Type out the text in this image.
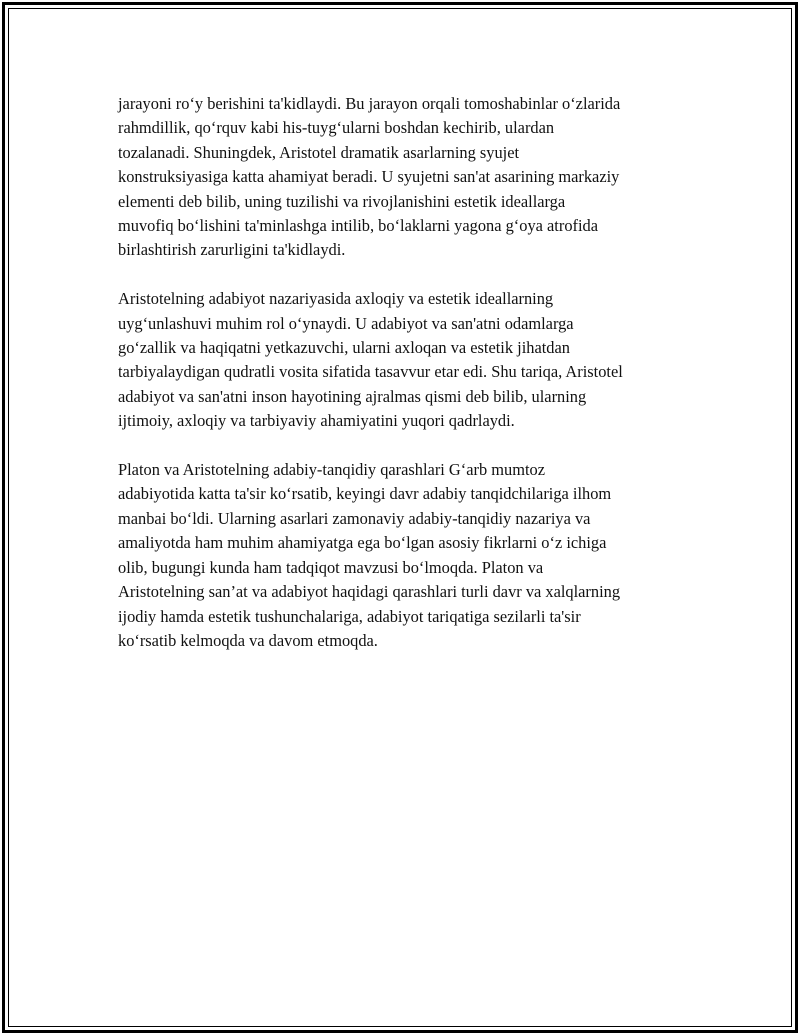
jarayoni ro‘y berishini ta'kidlaydi. Bu jarayon orqali tomoshabinlar o‘zlarida
rahmdillik, qo‘rquv kabi his-tuyg‘ularni boshdan kechirib, ulardan
tozalanadi. Shuningdek, Aristotel dramatik asarlarning syujet
konstruksiyasiga katta ahamiyat beradi. U syujetni san'at asarining markaziy
elementi deb bilib, uning tuzilishi va rivojlanishini estetik ideallarga
muvofiq bo‘lishini ta'minlashga intilib, bo‘laklarni yagona g‘oya atrofida
birlashtirish zarurligini ta'kidlaydi.

Aristotelning adabiyot nazariyasida axloqiy va estetik ideallarning
uyg‘unlashuvi muhim rol o‘ynaydi. U adabiyot va san'atni odamlarga
go‘zallik va haqiqatni yetkazuvchi, ularni axloqan va estetik jihatdan
tarbiyalaydigan qudratli vosita sifatida tasavvur etar edi. Shu tariqa, Aristotel
adabiyot va san'atni inson hayotining ajralmas qismi deb bilib, ularning
ijtimoiy, axloqiy va tarbiyaviy ahamiyatini yuqori qadrlaydi.

Platon va Aristotelning adabiy-tanqidiy qarashlari G‘arb mumtoz
adabiyotida katta ta'sir ko‘rsatib, keyingi davr adabiy tanqidchilariga ilhom
manbai bo‘ldi. Ularning asarlari zamonaviy adabiy-tanqidiy nazariya va
amaliyotda ham muhim ahamiyatga ega bo‘lgan asosiy fikrlarni o‘z ichiga
olib, bugungi kunda ham tadqiqot mavzusi bo‘lmoqda. Platon va
Aristotelning san’at va adabiyot haqidagi qarashlari turli davr va xalqlarning
ijodiy hamda estetik tushunchalariga, adabiyot tariqatiga sezilarli ta'sir
ko‘rsatib kelmoqda va davom etmoqda.
